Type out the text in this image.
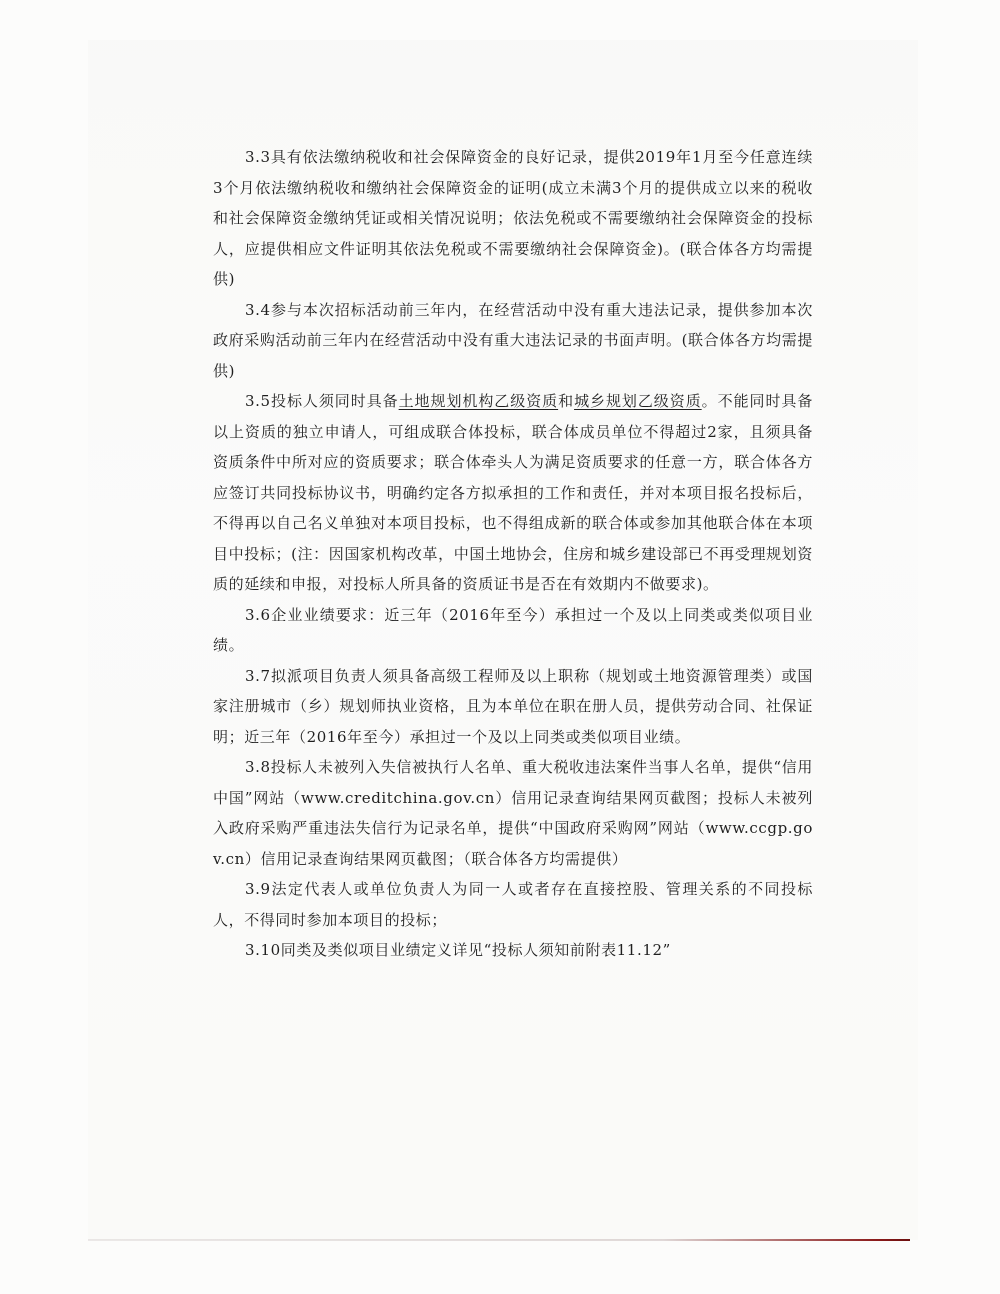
3.3具有依法缴纳税收和社会保障资金的良好记录，提供2019年1月至今任意连续3个月依法缴纳税收和缴纳社会保障资金的证明(成立未满3个月的提供成立以来的税收和社会保障资金缴纳凭证或相关情况说明；依法免税或不需要缴纳社会保障资金的投标人，应提供相应文件证明其依法免税或不需要缴纳社会保障资金)。(联合体各方均需提供)

3.4参与本次招标活动前三年内，在经营活动中没有重大违法记录，提供参加本次政府采购活动前三年内在经营活动中没有重大违法记录的书面声明。(联合体各方均需提供)

3.5投标人须同时具备土地规划机构乙级资质和城乡规划乙级资质。不能同时具备以上资质的独立申请人，可组成联合体投标，联合体成员单位不得超过2家，且须具备资质条件中所对应的资质要求；联合体牵头人为满足资质要求的任意一方，联合体各方应签订共同投标协议书，明确约定各方拟承担的工作和责任，并对本项目报名投标后，不得再以自己名义单独对本项目投标，也不得组成新的联合体或参加其他联合体在本项目中投标；(注：因国家机构改革，中国土地协会，住房和城乡建设部已不再受理规划资质的延续和申报，对投标人所具备的资质证书是否在有效期内不做要求)。

3.6企业业绩要求：近三年（2016年至今）承担过一个及以上同类或类似项目业绩。

3.7拟派项目负责人须具备高级工程师及以上职称（规划或土地资源管理类）或国家注册城市（乡）规划师执业资格，且为本单位在职在册人员，提供劳动合同、社保证明；近三年（2016年至今）承担过一个及以上同类或类似项目业绩。

3.8投标人未被列入失信被执行人名单、重大税收违法案件当事人名单，提供“信用中国”网站（www.creditchina.gov.cn）信用记录查询结果网页截图；投标人未被列入政府采购严重违法失信行为记录名单，提供“中国政府采购网”网站（www.ccgp.gov.cn）信用记录查询结果网页截图；（联合体各方均需提供）

3.9法定代表人或单位负责人为同一人或者存在直接控股、管理关系的不同投标人，不得同时参加本项目的投标；

3.10同类及类似项目业绩定义详见“投标人须知前附表11.12”
